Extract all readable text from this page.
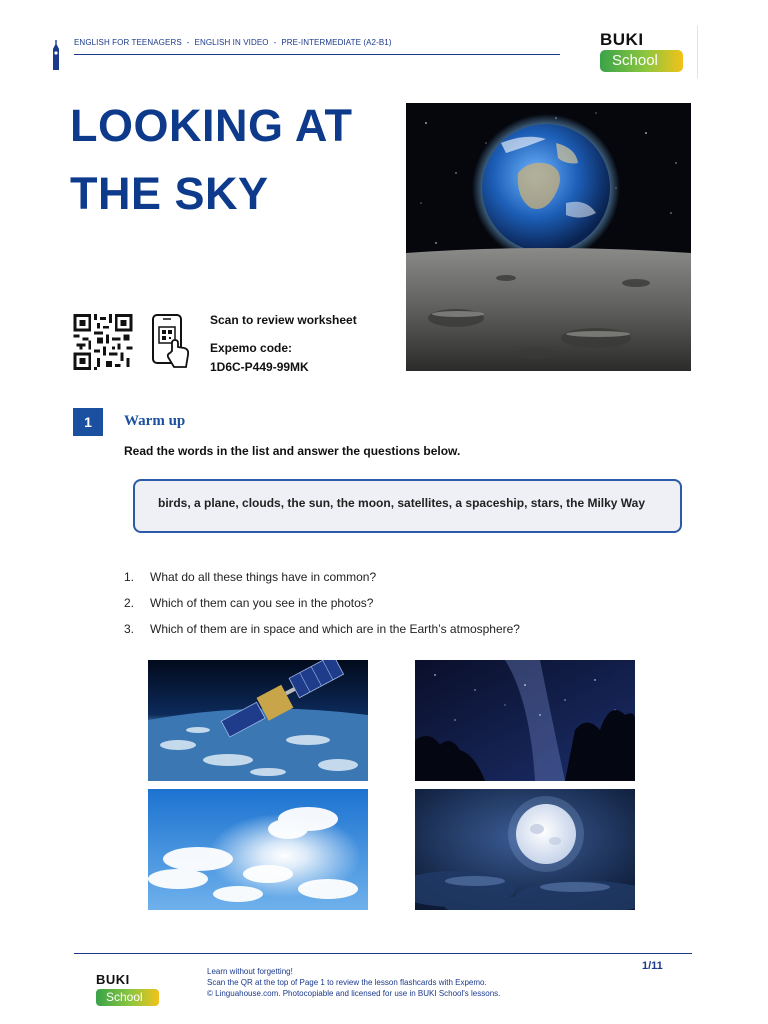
ENGLISH FOR TEENAGERS - ENGLISH IN VIDEO - PRE-INTERMEDIATE (A2-B1)	BUKI
School
LOOKING AT
THE SKY
Scan to review worksheet
Expemo code:
1D6C-P449-99MK
1	Warm up
Read the words in the list and answer the questions below.
birds, a plane, clouds, the sun, the moon, satellites, a spaceship, stars, the Milky Way
1.	What do all these things have in common?
2.	Which of them can you see in the photos?
3.	Which of them are in space and which are in the Earth’s atmosphere?
BUKI
School
Learn without forgetting!
Scan the QR at the top of Page 1 to review the lesson flashcards with Expemo.
© Linguahouse.com. Photocopiable and licensed for use in BUKI School's lessons.
1/11
